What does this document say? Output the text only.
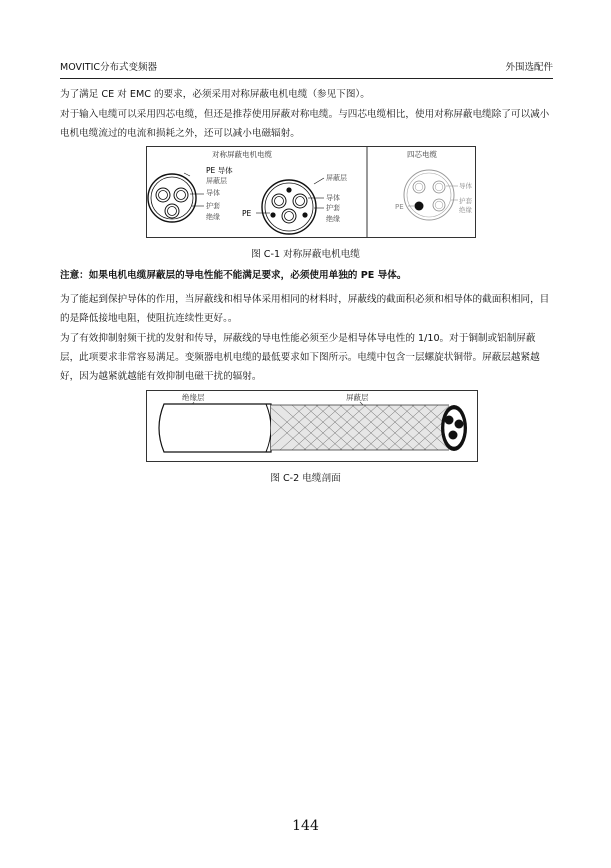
MOVITIC分布式变频器	外围选配件
为了满足 CE 对 EMC 的要求，必须采用对称屏蔽电机电缆（参见下图）。
对于输入电缆可以采用四芯电缆，但还是推荐使用屏蔽对称电缆。与四芯电缆相比，使用对称屏蔽电缆除了可以减小电机电缆流过的电流和损耗之外，还可以减小电磁辐射。
对称屏蔽电机电缆	四芯电缆
PE 导体
屏蔽层
导体
护套
绝缘	PE
屏蔽层
导体
护套
绝缘
PE
导体
护套
绝缘
图 C-1 对称屏蔽电机电缆
注意：如果电机电缆屏蔽层的导电性能不能满足要求，必须使用单独的 PE 导体。
为了能起到保护导体的作用，当屏蔽线和相导体采用相同的材料时，屏蔽线的截面积必须和相导体的截面积相同，目的是降低接地电阻，使阻抗连续性更好。。
为了有效抑制射频干扰的发射和传导，屏蔽线的导电性能必须至少是相导体导电性的 1/10。对于铜制或铝制屏蔽层，此项要求非常容易满足。变频器电机电缆的最低要求如下图所示。电缆中包含一层螺旋状铜带。屏蔽层越紧越好，因为越紧就越能有效抑制电磁干扰的辐射。
绝缘层	屏蔽层
图 C-2 电缆剖面
144
